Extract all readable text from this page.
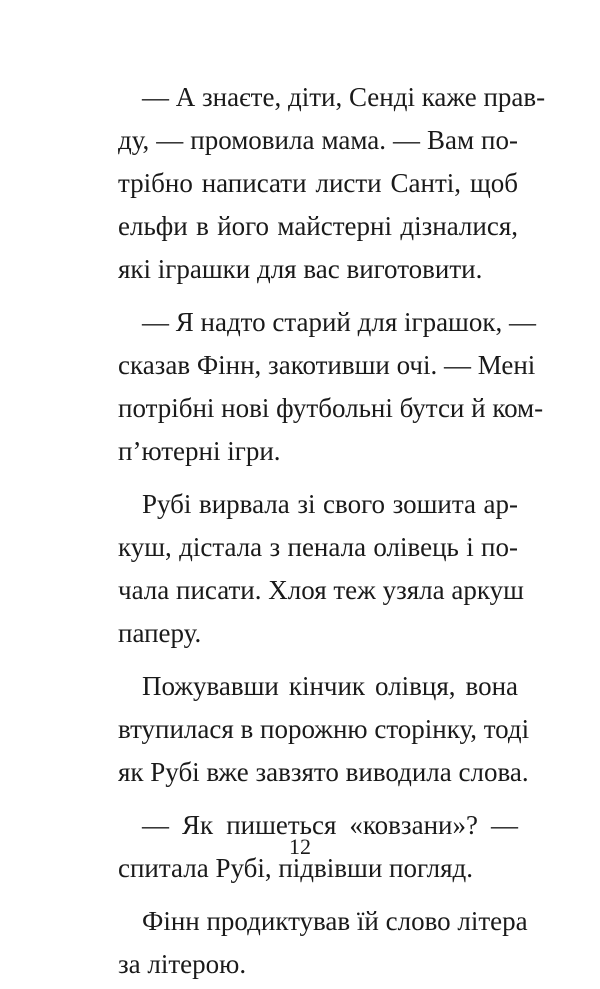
— А знаєте, діти, Сенді каже прав-
ду, — промовила мама. — Вам по-
трібно написати листи Санті, щоб
ельфи в його майстерні дізналися,
які іграшки для вас виготовити.
— Я надто старий для іграшок, —
сказав Фінн, закотивши очі. — Мені
потрібні нові футбольні бутси й ком-
п’ютерні ігри.
Рубі вирвала зі свого зошита ар-
куш, дістала з пенала олівець і по-
чала писати. Хлоя теж узяла аркуш
паперу.
Пожувавши кінчик олівця, вона
втупилася в порожню сторінку, тоді
як Рубі вже завзято виводила слова.
— Як пишеться «ковзани»? —
спитала Рубі, підвівши погляд.
Фінн продиктував їй слово літера
за літерою.
12
